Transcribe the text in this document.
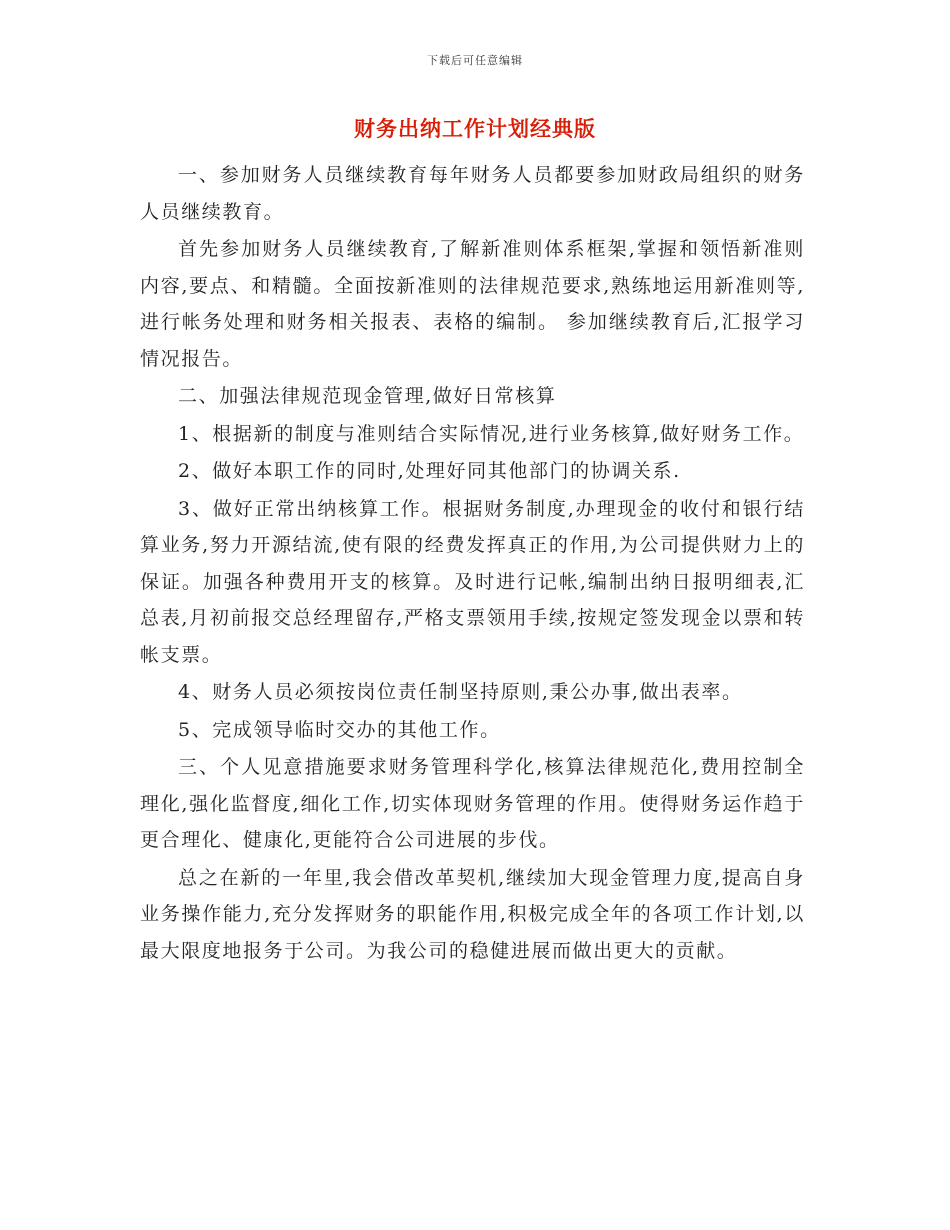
下载后可任意编辑
财务出纳工作计划经典版

一、参加财务人员继续教育每年财务人员都要参加财政局组织的财务人员继续教育。

首先参加财务人员继续教育,了解新准则体系框架,掌握和领悟新准则内容,要点、和精髓。全面按新准则的法律规范要求,熟练地运用新准则等,进行帐务处理和财务相关报表、表格的编制。 参加继续教育后,汇报学习情况报告。

二、加强法律规范现金管理,做好日常核算

1、根据新的制度与准则结合实际情况,进行业务核算,做好财务工作。

2、做好本职工作的同时,处理好同其他部门的协调关系.

3、做好正常出纳核算工作。根据财务制度,办理现金的收付和银行结算业务,努力开源结流,使有限的经费发挥真正的作用,为公司提供财力上的保证。加强各种费用开支的核算。及时进行记帐,编制出纳日报明细表,汇总表,月初前报交总经理留存,严格支票领用手续,按规定签发现金以票和转帐支票。

4、财务人员必须按岗位责任制坚持原则,秉公办事,做出表率。

5、完成领导临时交办的其他工作。

三、个人见意措施要求财务管理科学化,核算法律规范化,费用控制全理化,强化监督度,细化工作,切实体现财务管理的作用。使得财务运作趋于更合理化、健康化,更能符合公司进展的步伐。

总之在新的一年里,我会借改革契机,继续加大现金管理力度,提高自身业务操作能力,充分发挥财务的职能作用,积极完成全年的各项工作计划,以最大限度地报务于公司。为我公司的稳健进展而做出更大的贡献。
